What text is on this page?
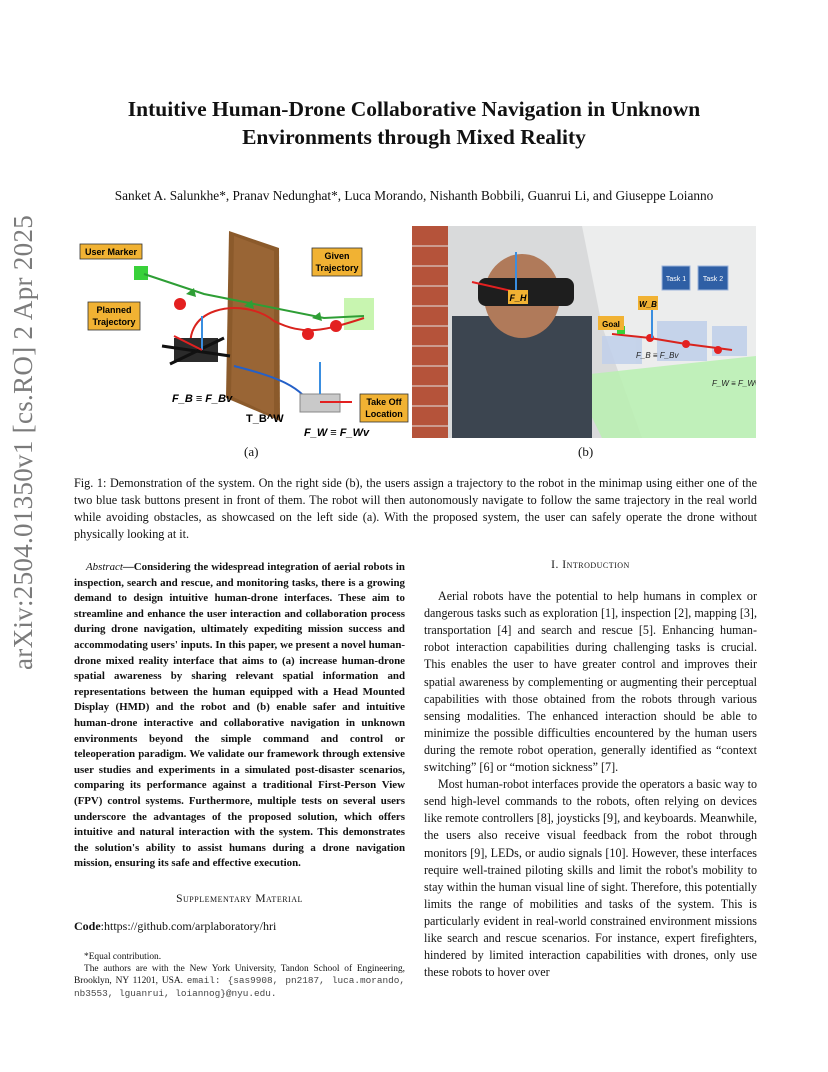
arXiv:2504.01350v1 [cs.RO] 2 Apr 2025
Intuitive Human-Drone Collaborative Navigation in Unknown
Environments through Mixed Reality
Sanket A. Salunkhe*, Pranav Nedunghat*, Luca Morando, Nishanth Bobbili, Guanrui Li, and Giuseppe Loianno
User Marker	Given
Trajectory
Planned
Trajectory
Take Off
Location
F_B ≡ F_Bv
T_B^W
F_W ≡ F_Wv
Task 1 Task 2
F_H
Goal
W_B
F_B ≡ F_Bv
F_W ≡ F_Wv
(a)	(b)
Fig. 1: Demonstration of the system. On the right side (b), the users assign a trajectory to the robot in the minimap using either one of the two blue task buttons present in front of them. The robot will then autonomously navigate to follow the same trajectory in the real world while avoiding obstacles, as showcased on the left side (a). With the proposed system, the user can safely operate the drone without physically looking at it.
Abstract—Considering the widespread integration of aerial robots in inspection, search and rescue, and monitoring tasks, there is a growing demand to design intuitive human-drone interfaces. These aim to streamline and enhance the user interaction and collaboration process during drone navigation, ultimately expediting mission success and accommodating users' inputs. In this paper, we present a novel human-drone mixed reality interface that aims to (a) increase human-drone spatial awareness by sharing relevant spatial information and representations between the human equipped with a Head Mounted Display (HMD) and the robot and (b) enable safer and intuitive human-drone interactive and collaborative navigation in unknown environments beyond the simple command and control or teleoperation paradigm. We validate our framework through extensive user studies and experiments in a simulated post-disaster scenarios, comparing its performance against a traditional First-Person View (FPV) control systems. Furthermore, multiple tests on several users underscore the advantages of the proposed solution, which offers intuitive and natural interaction with the system. This demonstrates the solution's ability to assist humans during a drone navigation mission, ensuring its safe and effective execution.
Supplementary Material
Code:https://github.com/arplaboratory/hri
*Equal contribution.
The authors are with the New York University, Tandon School of Engineering, Brooklyn, NY 11201, USA. email: {sas9908, pn2187, luca.morando, nb3553, lguanrui, loiannog}@nyu.edu.
I. Introduction

Aerial robots have the potential to help humans in complex or dangerous tasks such as exploration [1], inspection [2], mapping [3], transportation [4] and search and rescue [5]. Enhancing human-robot interaction capabilities during challenging tasks is crucial. This enables the user to have greater control and improves their spatial awareness by complementing or augmenting their perceptual capabilities with those obtained from the robots through various sensing modalities. The enhanced interaction should be able to minimize the possible difficulties encountered by the human users during the remote robot operation, generally identified as “context switching” [6] or “motion sickness” [7].

Most human-robot interfaces provide the operators a basic way to send high-level commands to the robots, often relying on devices like remote controllers [8], joysticks [9], and keyboards. Meanwhile, the users also receive visual feedback from the robot through monitors [9], LEDs, or audio signals [10]. However, these interfaces require well-trained piloting skills and limit the robot's mobility to stay within the human visual line of sight. Therefore, this potentially limits the range of mobilities and tasks of the system. This is particularly evident in real-world constrained environment missions like search and rescue scenarios. For instance, expert firefighters, hindered by limited interaction capabilities with drones, only use these robots to hover over
